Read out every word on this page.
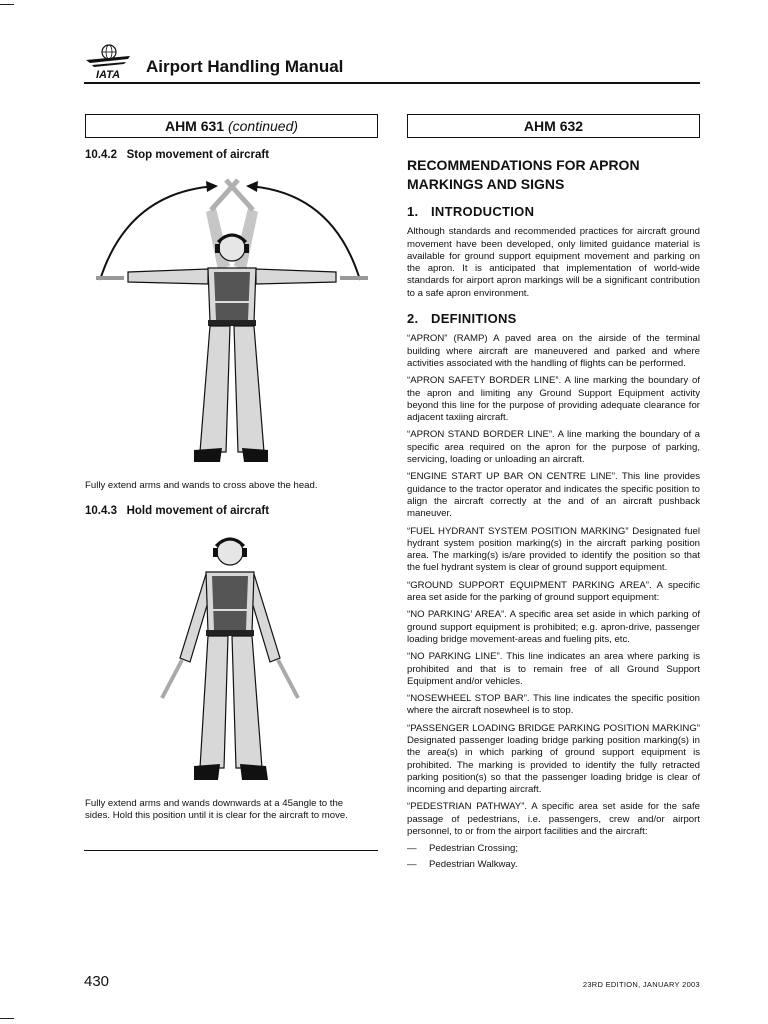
IATA Airport Handling Manual
AHM 631 (continued)
10.4.2 Stop movement of aircraft
Fully extend arms and wands to cross above the head.
10.4.3 Hold movement of aircraft
Fully extend arms and wands downwards at a 45angle to the
sides. Hold this position until it is clear for the aircraft to move.
AHM 632
RECOMMENDATIONS FOR APRON
MARKINGS AND SIGNS
1. INTRODUCTION
Although standards and recommended practices for aircraft ground movement have been developed, only limited guidance material is available for ground support equipment movement and parking on the apron. It is anticipated that implementation of world-wide standards for airport apron markings will be a significant contribution to a safe apron environment.
2. DEFINITIONS
“APRON” (RAMP) A paved area on the airside of the terminal building where aircraft are maneuvered and parked and where activities associated with the handling of flights can be performed.
“APRON SAFETY BORDER LINE”. A line marking the boundary of the apron and limiting any Ground Support Equipment activity beyond this line for the purpose of providing adequate clearance for adjacent taxiing aircraft.
“APRON STAND BORDER LINE”. A line marking the boundary of a specific area required on the apron for the purpose of parking, servicing, loading or unloading an aircraft.
“ENGINE START UP BAR ON CENTRE LINE”. This line provides guidance to the tractor operator and indicates the specific position to align the aircraft correctly at the and of an aircraft pushback maneuver.
“FUEL HYDRANT SYSTEM POSITION MARKING” Designated fuel hydrant system position marking(s) in the aircraft parking position area. The marking(s) is/are provided to identify the position so that the fuel hydrant system is clear of ground support equipment.
“GROUND SUPPORT EQUIPMENT PARKING AREA”. A specific area set aside for the parking of ground support equipment:
“NO PARKING’ AREA”. A specific area set aside in which parking of ground support equipment is prohibited; e.g. apron-drive, passenger loading bridge movement-areas and fueling pits, etc.
“NO PARKING LINE”. This line indicates an area where parking is prohibited and that is to remain free of all Ground Support Equipment and/or vehicles.
“NOSEWHEEL STOP BAR”. This line indicates the specific position where the aircraft nosewheel is to stop.
“PASSENGER LOADING BRIDGE PARKING POSITION MARKING” Designated passenger loading bridge parking position marking(s) in the area(s) in which parking of ground support equipment is prohibited. The marking is provided to identify the fully retracted parking position(s) so that the passenger loading bridge is clear of incoming and departing aircraft.
“PEDESTRIAN PATHWAY”. A specific area set aside for the safe passage of pedestrians, i.e. passengers, crew and/or airport personnel, to or from the airport facilities and the aircraft:
— Pedestrian Crossing;
— Pedestrian Walkway.
430	23RD EDITION, JANUARY 2003
